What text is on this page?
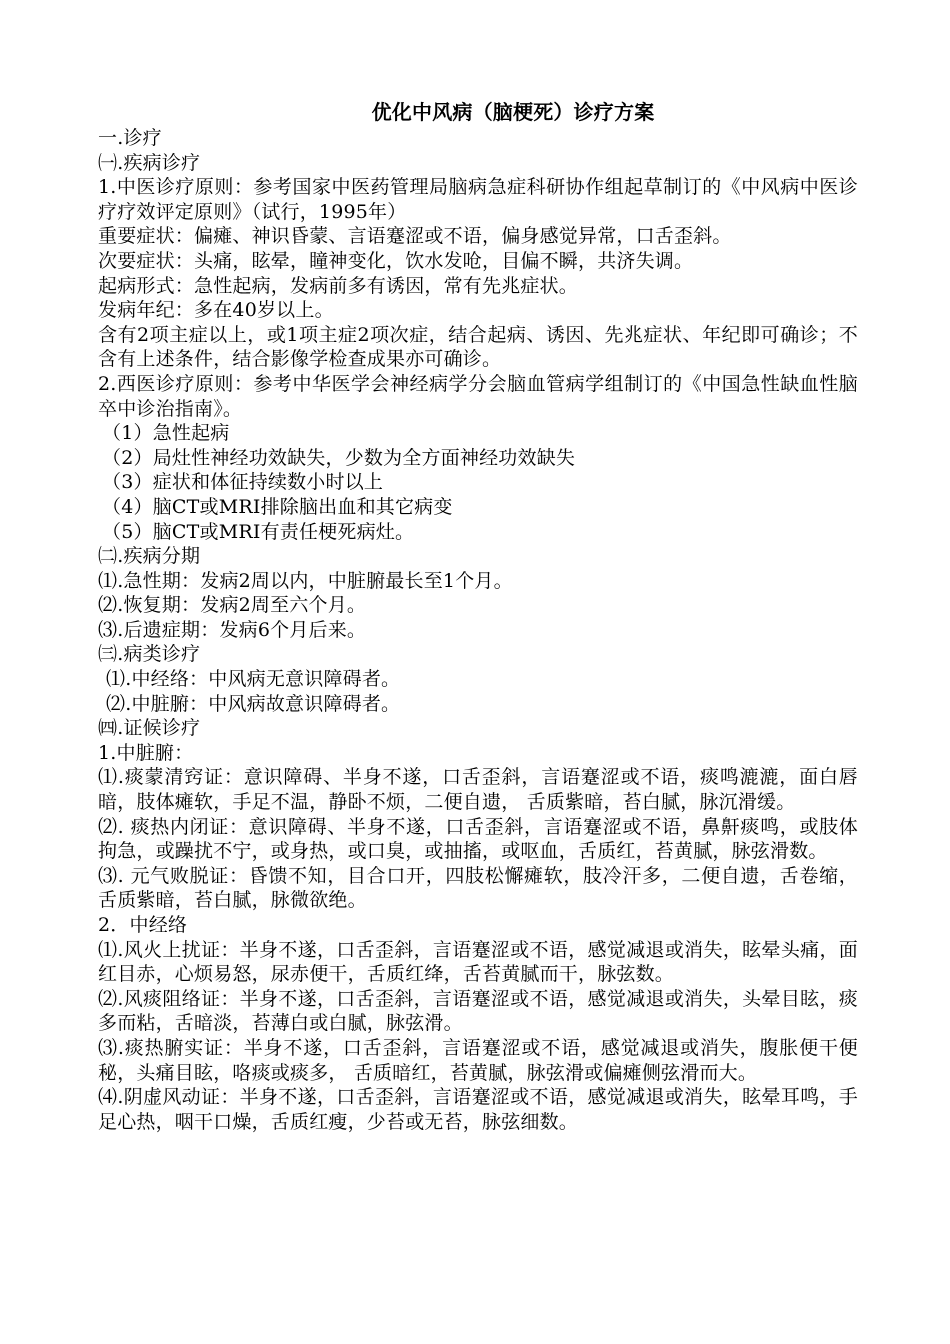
优化中风病（脑梗死）诊疗方案
一.诊疗
㈠.疾病诊疗
1.中医诊疗原则：参考国家中医药管理局脑病急症科研协作组起草制订的《中风病中医诊疗疗效评定原则》（试行，1995年）
重要症状：偏瘫、神识昏蒙、言语蹇涩或不语，偏身感觉异常，口舌歪斜。
次要症状：头痛，眩晕，瞳神变化，饮水发呛，目偏不瞬，共济失调。
起病形式：急性起病，发病前多有诱因，常有先兆症状。
发病年纪：多在40岁以上。
含有2项主症以上，或1项主症2项次症，结合起病、诱因、先兆症状、年纪即可确诊；不含有上述条件，结合影像学检查成果亦可确诊。
2.西医诊疗原则：参考中华医学会神经病学分会脑血管病学组制订的《中国急性缺血性脑卒中诊治指南》。
（1）急性起病
（2）局灶性神经功效缺失，少数为全方面神经功效缺失
（3）症状和体征持续数小时以上
（4）脑CT或MRI排除脑出血和其它病变
（5）脑CT或MRI有责任梗死病灶。
㈡.疾病分期
⑴.急性期：发病2周以内，中脏腑最长至1个月。
⑵.恢复期：发病2周至六个月。
⑶.后遗症期：发病6个月后来。
㈢.病类诊疗
⑴.中经络：中风病无意识障碍者。
⑵.中脏腑：中风病故意识障碍者。
㈣.证候诊疗
1.中脏腑：
⑴.痰蒙清窍证：意识障碍、半身不遂，口舌歪斜，言语蹇涩或不语，痰鸣漉漉，面白唇暗，肢体瘫软，手足不温，静卧不烦，二便自遗， 舌质紫暗，苔白腻，脉沉滑缓。
⑵. 痰热内闭证：意识障碍、半身不遂，口舌歪斜，言语蹇涩或不语，鼻鼾痰鸣，或肢体拘急，或躁扰不宁，或身热，或口臭，或抽搐，或呕血，舌质红，苔黄腻，脉弦滑数。
⑶. 元气败脱证：昏馈不知，目合口开，四肢松懈瘫软，肢冷汗多，二便自遗，舌卷缩，舌质紫暗，苔白腻，脉微欲绝。
2．中经络
⑴.风火上扰证：半身不遂，口舌歪斜，言语蹇涩或不语，感觉减退或消失，眩晕头痛，面红目赤，心烦易怒，尿赤便干，舌质红绛，舌苔黄腻而干，脉弦数。
⑵.风痰阻络证：半身不遂，口舌歪斜，言语蹇涩或不语，感觉减退或消失，头晕目眩，痰多而粘，舌暗淡，苔薄白或白腻，脉弦滑。
⑶.痰热腑实证：半身不遂，口舌歪斜，言语蹇涩或不语，感觉减退或消失，腹胀便干便秘，头痛目眩，咯痰或痰多， 舌质暗红，苔黄腻，脉弦滑或偏瘫侧弦滑而大。
⑷.阴虚风动证：半身不遂，口舌歪斜，言语蹇涩或不语，感觉减退或消失，眩晕耳鸣，手足心热，咽干口燥，舌质红瘦，少苔或无苔，脉弦细数。
